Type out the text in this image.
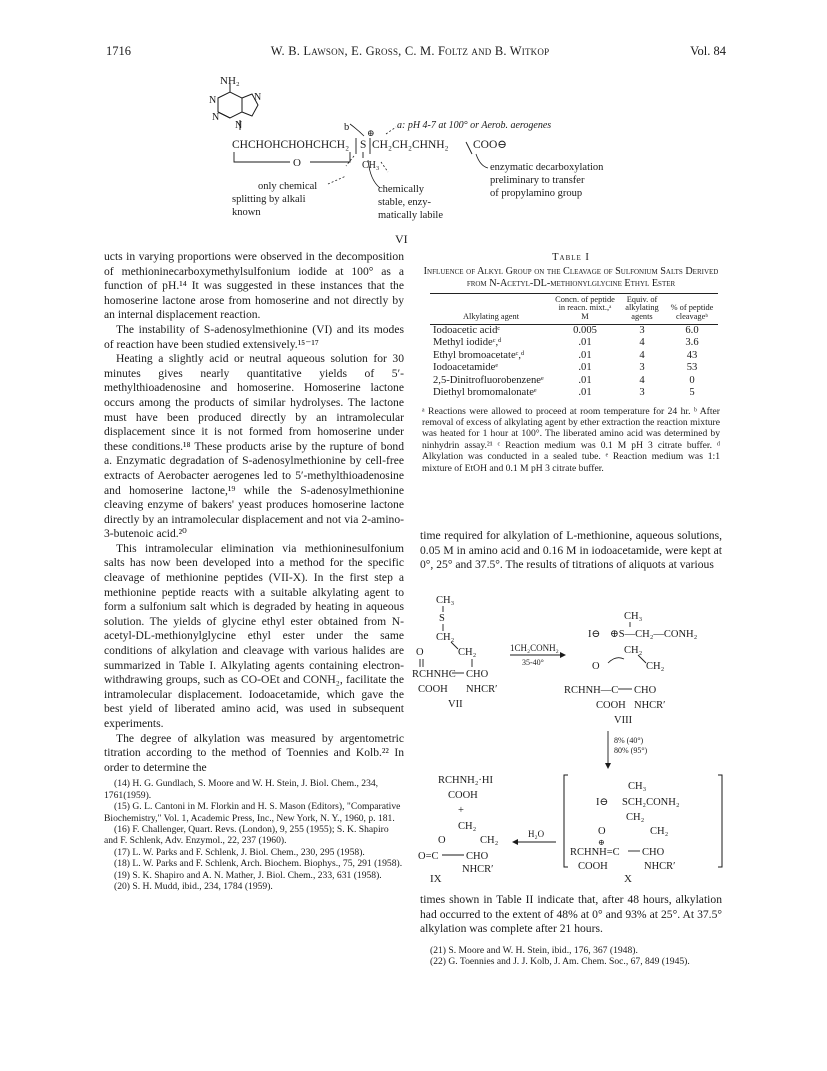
1716	W. B. Lawson, E. Gross, C. M. Foltz and B. Witkop	Vol. 84
NH₂
N	N
N
N	b ⊕
a: pH 4-7 at 100° or Aerob. aerogenes
CHCHOHCHOHCHCH₂ S CH₂CH₂CHNH₂ COO⊖
O	CH₃	enzymatic decarboxylation
preliminary to transfer
of propylamino group
only chemical
splitting by alkali
known
chemically
stable, enzy-
matically labile
VI

ucts in varying proportions were observed in the decomposition of methioninecarboxymethylsulfonium iodide at 100° as a function of pH.¹⁴ It was suggested in these instances that the homoserine lactone arose from homoserine and not directly by an internal displacement reaction.

The instability of S-adenosylmethionine (VI) and its modes of reaction have been studied extensively.¹⁵⁻¹⁷

Heating a slightly acid or neutral aqueous solution for 30 minutes gives nearly quantitative yields of 5′-methylthioadenosine and homoserine. Homoserine lactone occurs among the products of similar hydrolyses. The lactone must have been produced directly by an intramolecular displacement since it is not formed from homoserine under these conditions.¹⁸ These products arise by the rupture of bond a. Enzymatic degradation of S-adenosylmethionine by cell-free extracts of Aerobacter aerogenes led to 5′-methylthioadenosine and homoserine lactone,¹⁹ while the S-adenosylmethionine cleaving enzyme of bakers' yeast produces homoserine lactone directly by an intramolecular displacement and not via 2-amino-3-butenoic acid.²⁰

This intramolecular elimination via methioninesulfonium salts has now been developed into a method for the specific cleavage of methionine peptides (VII-X). In the first step a methionine peptide reacts with a suitable alkylating agent to form a sulfonium salt which is degraded by heating in aqueous solution. The yields of glycine ethyl ester obtained from N-acetyl-DL-methionylglycine ethyl ester under the same conditions of alkylation and cleavage with various halides are summarized in Table I. Alkylating agents containing electron-withdrawing groups, such as CO-OEt and CONH₂, facilitate the intramolecular displacement. Iodoacetamide, which gave the best yield of liberated amino acid, was used in subsequent experiments.

The degree of alkylation was measured by argentometric titration according to the method of Toennies and Kolb.²² In order to determine the

(14) H. G. Gundlach, S. Moore and W. H. Stein, J. Biol. Chem., 234, 1761(1959).
(15) G. L. Cantoni in M. Florkin and H. S. Mason (Editors), "Comparative Biochemistry," Vol. 1, Academic Press, Inc., New York, N. Y., 1960, p. 181.
(16) F. Challenger, Quart. Revs. (London), 9, 255 (1955); S. K. Shapiro and F. Schlenk, Adv. Enzymol., 22, 237 (1960).
(17) L. W. Parks and F. Schlenk, J. Biol. Chem., 230, 295 (1958).
(18) L. W. Parks and F. Schlenk, Arch. Biochem. Biophys., 75, 291 (1958).
(19) S. K. Shapiro and A. N. Mather, J. Biol. Chem., 233, 631 (1958).
(20) S. H. Mudd, ibid., 234, 1784 (1959).
Table I
Influence of Alkyl Group on the Cleavage of Sulfonium Salts Derived from N-Acetyl-DL-methionylglycine Ethyl Ester
Alkylating agent	Concn. of peptide in reacn. mixt.,ᵃ M	Equiv. of alkylating agents	% of peptide cleavageᵇ
Iodoacetic acidᶜ	0.005	3	6.0
Methyl iodideᶜ,ᵈ	.01	4	3.6
Ethyl bromoacetateᶜ,ᵈ	.01	4	43
Iodoacetamideᵉ	.01	3	53
2,5-Dinitrofluorobenzeneᵉ	.01	4	0
Diethyl bromomalonateᵉ	.01	3	5
ᵃ Reactions were allowed to proceed at room temperature for 24 hr. ᵇ After removal of excess of alkylating agent by ether extraction the reaction mixture was heated for 1 hour at 100°. The liberated amino acid was determined by ninhydrin assay.²¹ ᶜ Reaction medium was 0.1 M pH 3 citrate buffer. ᵈ Alkylation was conducted in a sealed tube. ᵉ Reaction medium was 1:1 mixture of EtOH and 0.1 M pH 3 citrate buffer.

time required for alkylation of L-methionine, aqueous solutions, 0.05 M in amino acid and 0.16 M in iodoacetamide, were kept at 0°, 25° and 37.5°. The results of titrations of aliquots at various

CH₃
S
CH₂
O	CH₂
RCHNHC CHO
COOH NHCR′
VII
1CH₂CONH₂
35-40°
CH₃
I⊖ ⊕S—CH₂—CONH₂
CH₂
O	CH₂
RCHNH—C CHO
COOH NHCR′
VIII
8% (40°)
80% (95°)
RCHNH₂·HI
COOH
+
CH₂
O	CH₂
O=C	CHO
NHCR′
H₂O
CH₃
I⊖ SCH₂CONH₂
CH₂
O	CH₂
⊕
RCHNH=C CHO
COOH	NHCR′
IX	X

times shown in Table II indicate that, after 48 hours, alkylation had occurred to the extent of 48% at 0° and 93% at 25°. At 37.5° alkylation was complete after 21 hours.

(21) S. Moore and W. H. Stein, ibid., 176, 367 (1948).
(22) G. Toennies and J. J. Kolb, J. Am. Chem. Soc., 67, 849 (1945).
